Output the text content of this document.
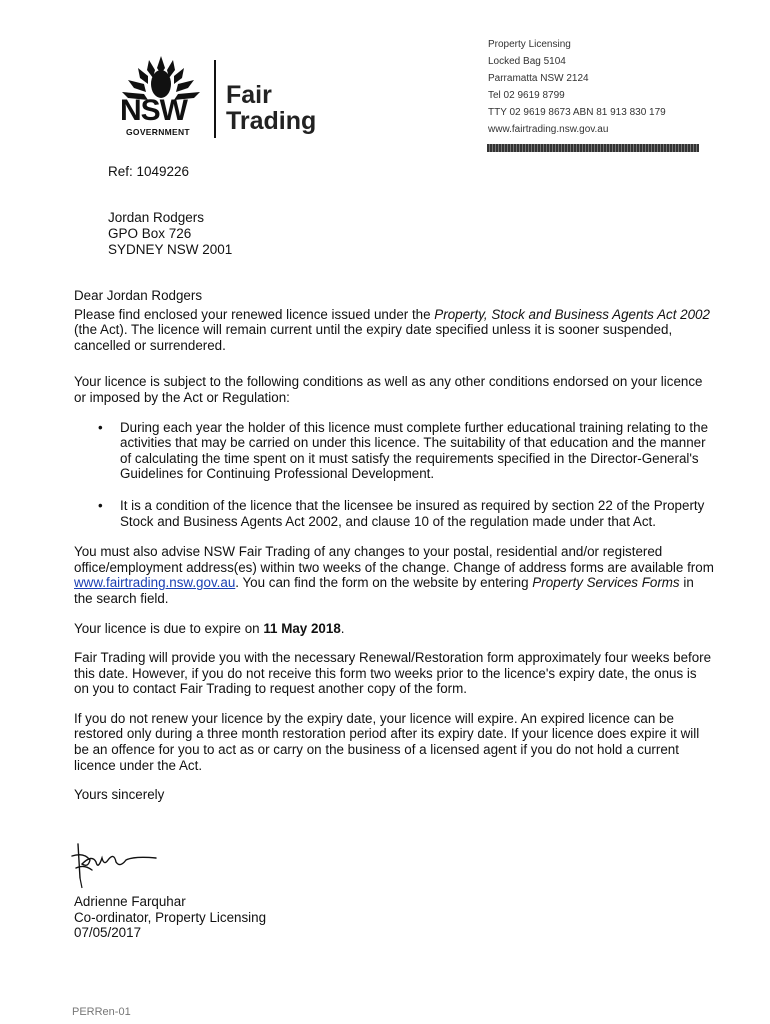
NSW
GOVERNMENT
Fair
Trading
Property Licensing
Locked Bag 5104
Parramatta NSW 2124
Tel 02 9619 8799
TTY 02 9619 8673 ABN 81 913 830 179
www.fairtrading.nsw.gov.au
Ref: 1049226
Jordan Rodgers
GPO Box 726
SYDNEY NSW 2001

Dear Jordan Rodgers

Please find enclosed your renewed licence issued under the Property, Stock and Business Agents Act 2002 (the Act). The licence will remain current until the expiry date specified unless it is sooner suspended, cancelled or surrendered.

Your licence is subject to the following conditions as well as any other conditions endorsed on your licence or imposed by the Act or Regulation:

• During each year the holder of this licence must complete further educational training relating to the activities that may be carried on under this licence. The suitability of that education and the manner of calculating the time spent on it must satisfy the requirements specified in the Director-General's Guidelines for Continuing Professional Development.
• It is a condition of the licence that the licensee be insured as required by section 22 of the Property Stock and Business Agents Act 2002, and clause 10 of the regulation made under that Act.

You must also advise NSW Fair Trading of any changes to your postal, residential and/or registered office/employment address(es) within two weeks of the change. Change of address forms are available from www.fairtrading.nsw.gov.au. You can find the form on the website by entering Property Services Forms in the search field.

Your licence is due to expire on 11 May 2018.

Fair Trading will provide you with the necessary Renewal/Restoration form approximately four weeks before this date. However, if you do not receive this form two weeks prior to the licence's expiry date, the onus is on you to contact Fair Trading to request another copy of the form.

If you do not renew your licence by the expiry date, your licence will expire. An expired licence can be restored only during a three month restoration period after its expiry date. If your licence does expire it will be an offence for you to act as or carry on the business of a licensed agent if you do not hold a current licence under the Act.

Yours sincerely

Adrienne Farquhar
Co-ordinator, Property Licensing
07/05/2017
PERRen-01
